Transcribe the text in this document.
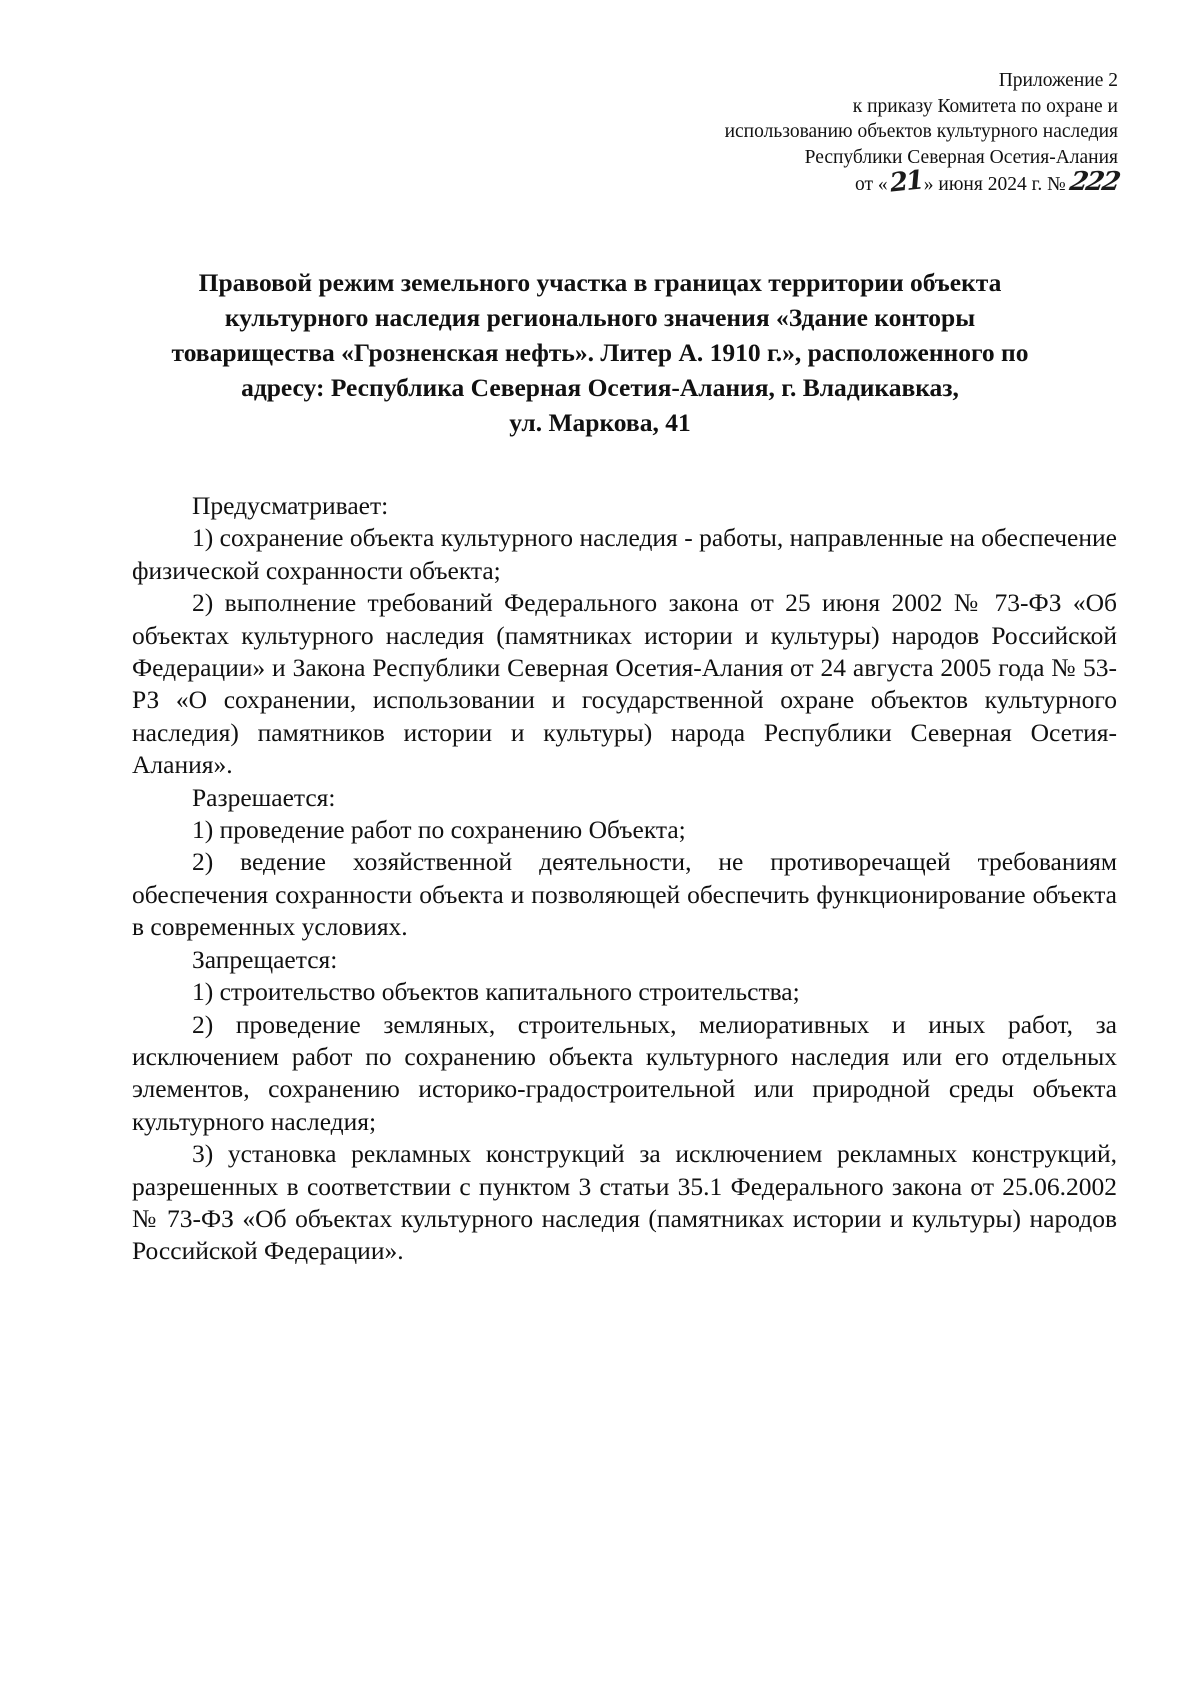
Приложение 2
к приказу Комитета по охране и
использованию объектов культурного наследия
Республики Северная Осетия-Алания
от «21» июня 2024 г. №222
Правовой режим земельного участка в границах территории объекта
культурного наследия регионального значения «Здание конторы
товарищества «Грозненская нефть». Литер А. 1910 г.», расположенного по
адресу: Республика Северная Осетия-Алания, г. Владикавказ,
ул. Маркова, 41

Предусматривает:

1) сохранение объекта культурного наследия - работы, направленные на обеспечение физической сохранности объекта;

2) выполнение требований Федерального закона от 25 июня 2002 № 73-ФЗ «Об объектах культурного наследия (памятниках истории и культуры) народов Российской Федерации» и Закона Республики Северная Осетия-Алания от 24 августа 2005 года № 53-РЗ «О сохранении, использовании и государственной охране объектов культурного наследия) памятников истории и культуры) народа Республики Северная Осетия-Алания».

Разрешается:

1) проведение работ по сохранению Объекта;

2) ведение хозяйственной деятельности, не противоречащей требованиям обеспечения сохранности объекта и позволяющей обеспечить функционирование объекта в современных условиях.

Запрещается:

1) строительство объектов капитального строительства;

2) проведение земляных, строительных, мелиоративных и иных работ, за исключением работ по сохранению объекта культурного наследия или его отдельных элементов, сохранению историко-градостроительной или природной среды объекта культурного наследия;

3) установка рекламных конструкций за исключением рекламных конструкций, разрешенных в соответствии с пунктом 3 статьи 35.1 Федерального закона от 25.06.2002 № 73-ФЗ «Об объектах культурного наследия (памятниках истории и культуры) народов Российской Федерации».
